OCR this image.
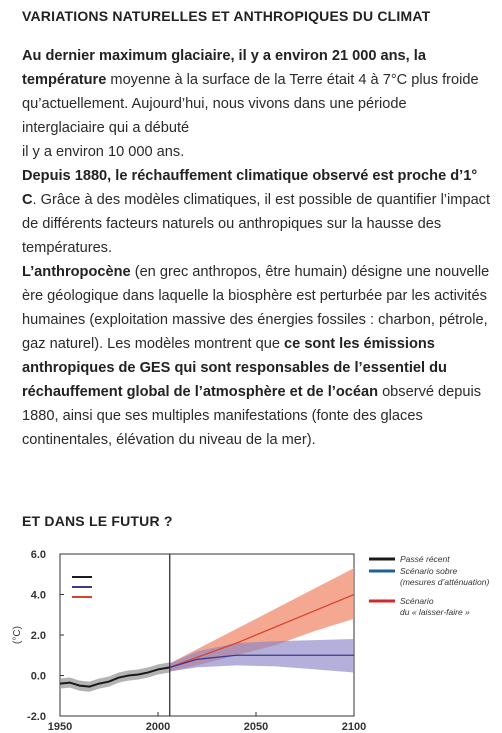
VARIATIONS NATURELLES ET ANTHROPIQUES DU CLIMAT

Au dernier maximum glaciaire, il y a environ 21 000 ans, la température moyenne à la surface de la Terre était 4 à 7°C plus froide qu’actuellement. Aujourd’hui, nous vivons dans une période interglaciaire qui a débuté

il y a environ 10 000 ans.

Depuis 1880, le réchauffement climatique observé est proche d’1° C. Grâce à des modèles climatiques, il est possible de quantifier l’impact de différents facteurs naturels ou anthropiques sur la hausse des températures.

L’anthropocène (en grec anthropos, être humain) désigne une nouvelle ère géologique dans laquelle la biosphère est perturbée par les activités humaines (exploitation massive des énergies fossiles : charbon, pétrole, gaz naturel). Les modèles montrent que ce sont les émissions anthropiques de GES qui sont responsables de l’essentiel du réchauffement global de l’atmosphère et de l’océan observé depuis 1880, ainsi que ses multiples manifestations (fonte des glaces continentales, élévation du niveau de la mer).

ET DANS LE FUTUR ?
6.0
4.0
2.0
0.0
-2.0
1950	2000	2050	2100
(°C)
Passé récent
Scénario sobre
(mesures d’atténuation)
Scénario
du « laisser-faire »
